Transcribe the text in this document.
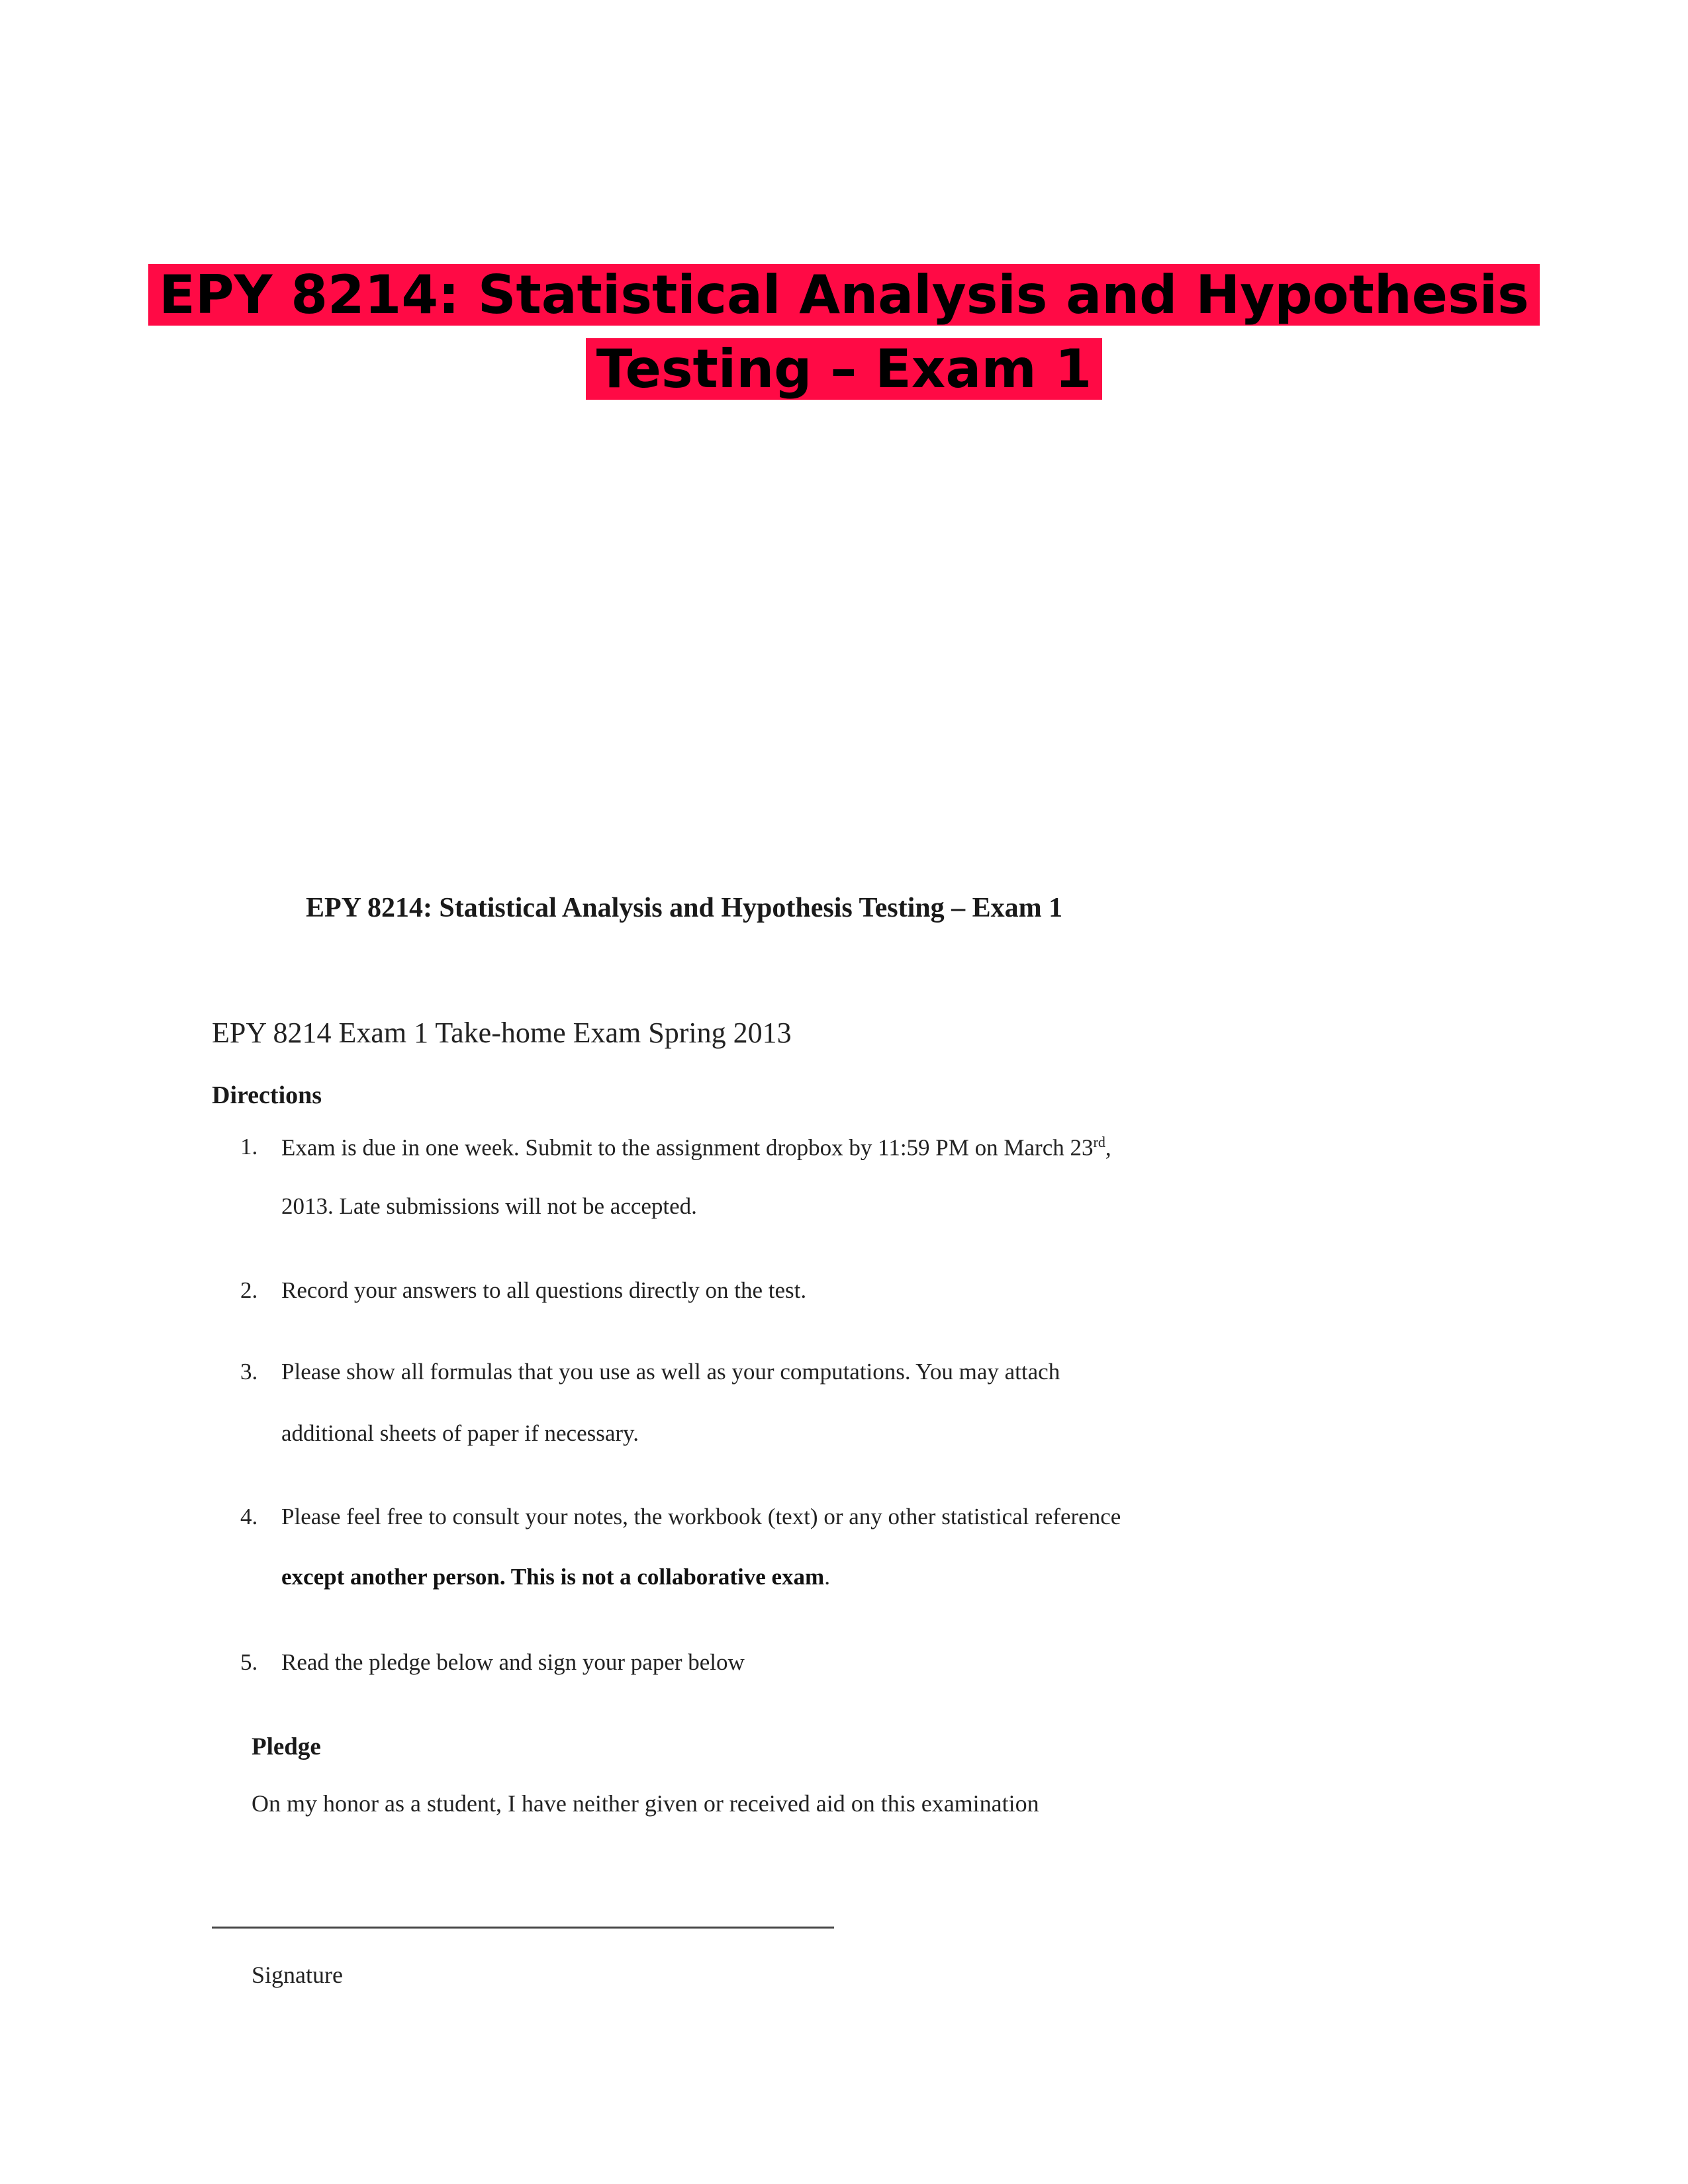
EPY 8214: Statistical Analysis and Hypothesis
Testing – Exam 1
EPY 8214: Statistical Analysis and Hypothesis Testing – Exam 1
EPY 8214 Exam 1 Take-home Exam Spring 2013
Directions
1. Exam is due in one week. Submit to the assignment dropbox by 11:59 PM on March 23rd,
2013. Late submissions will not be accepted.
2. Record your answers to all questions directly on the test.
3. Please show all formulas that you use as well as your computations. You may attach
additional sheets of paper if necessary.
4. Please feel free to consult your notes, the workbook (text) or any other statistical reference
except another person. This is not a collaborative exam.
5. Read the pledge below and sign your paper below
Pledge
On my honor as a student, I have neither given or received aid on this examination
Signature
